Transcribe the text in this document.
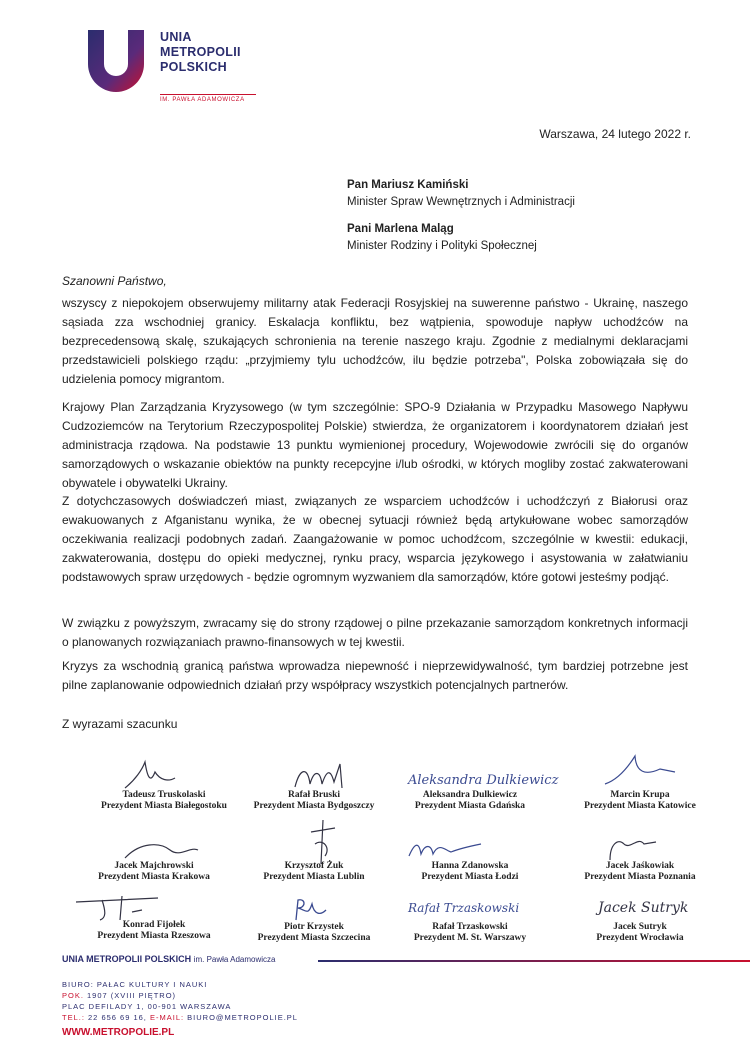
UNIA
METROPOLII
POLSKICH
IM. PAWŁA ADAMOWICZA
Warszawa, 24 lutego 2022 r.
Pan Mariusz Kamiński
Minister Spraw Wewnętrznych i Administracji
Pani Marlena Maląg
Minister Rodziny i Polityki Społecznej
Szanowni Państwo,
wszyscy z niepokojem obserwujemy militarny atak Federacji Rosyjskiej na suwerenne państwo - Ukrainę, naszego sąsiada zza wschodniej granicy. Eskalacja konfliktu, bez wątpienia, spowoduje napływ uchodźców na bezprecedensową skalę, szukających schronienia na terenie naszego kraju. Zgodnie z medialnymi deklaracjami przedstawicieli polskiego rządu: „przyjmiemy tylu uchodźców, ilu będzie potrzeba", Polska zobowiązała się do udzielenia pomocy migrantom.
Krajowy Plan Zarządzania Kryzysowego (w tym szczególnie: SPO-9 Działania w Przypadku Masowego Napływu Cudzoziemców na Terytorium Rzeczypospolitej Polskie) stwierdza, że organizatorem i koordynatorem działań jest administracja rządowa. Na podstawie 13 punktu wymienionej procedury, Wojewodowie zwrócili się do organów samorządowych o wskazanie obiektów na punkty recepcyjne i/lub ośrodki, w których mogliby zostać zakwaterowani obywatele i obywatelki Ukrainy.
Z dotychczasowych doświadczeń miast, związanych ze wsparciem uchodźców i uchodźczyń z Białorusi oraz ewakuowanych z Afganistanu wynika, że w obecnej sytuacji również będą artykułowane wobec samorządów oczekiwania realizacji podobnych zadań. Zaangażowanie w pomoc uchodźcom, szczególnie w kwestii: edukacji, zakwaterowania, dostępu do opieki medycznej, rynku pracy, wsparcia językowego i asystowania w załatwianiu podstawowych spraw urzędowych - będzie ogromnym wyzwaniem dla samorządów, które gotowi jesteśmy podjąć.
W związku z powyższym, zwracamy się do strony rządowej o pilne przekazanie samorządom konkretnych informacji o planowanych rozwiązaniach prawno-finansowych w tej kwestii.
Kryzys za wschodnią granicą państwa wprowadza niepewność i nieprzewidywalność, tym bardziej potrzebne jest pilne zaplanowanie odpowiednich działań przy współpracy wszystkich potencjalnych partnerów.
Z wyrazami szacunku
Aleksandra Dulkiewicz
Rafał Trzaskowski	Jacek Sutryk
Tadeusz Truskolaski
Prezydent Miasta Białegostoku
Rafał Bruski
Prezydent Miasta Bydgoszczy
Aleksandra Dulkiewicz
Prezydent Miasta Gdańska
Marcin Krupa
Prezydent Miasta Katowice
Jacek Majchrowski
Prezydent Miasta Krakowa
Krzysztof Żuk
Prezydent Miasta Lublin
Hanna Zdanowska
Prezydent Miasta Łodzi
Jacek Jaśkowiak
Prezydent Miasta Poznania
Konrad Fijołek
Prezydent Miasta Rzeszowa
Piotr Krzystek
Prezydent Miasta Szczecina
Rafał Trzaskowski
Prezydent M. St. Warszawy
Jacek Sutryk
Prezydent Wrocławia
UNIA METROPOLII POLSKICH im. Pawła Adamowicza
BIURO: PAŁAC KULTURY I NAUKI
POK. 1907 (XVIII PIĘTRO)
PLAC DEFILADY 1, 00-901 WARSZAWA
TEL.: 22 656 69 16, E-MAIL: BIURO@METROPOLIE.PL
WWW.METROPOLIE.PL
